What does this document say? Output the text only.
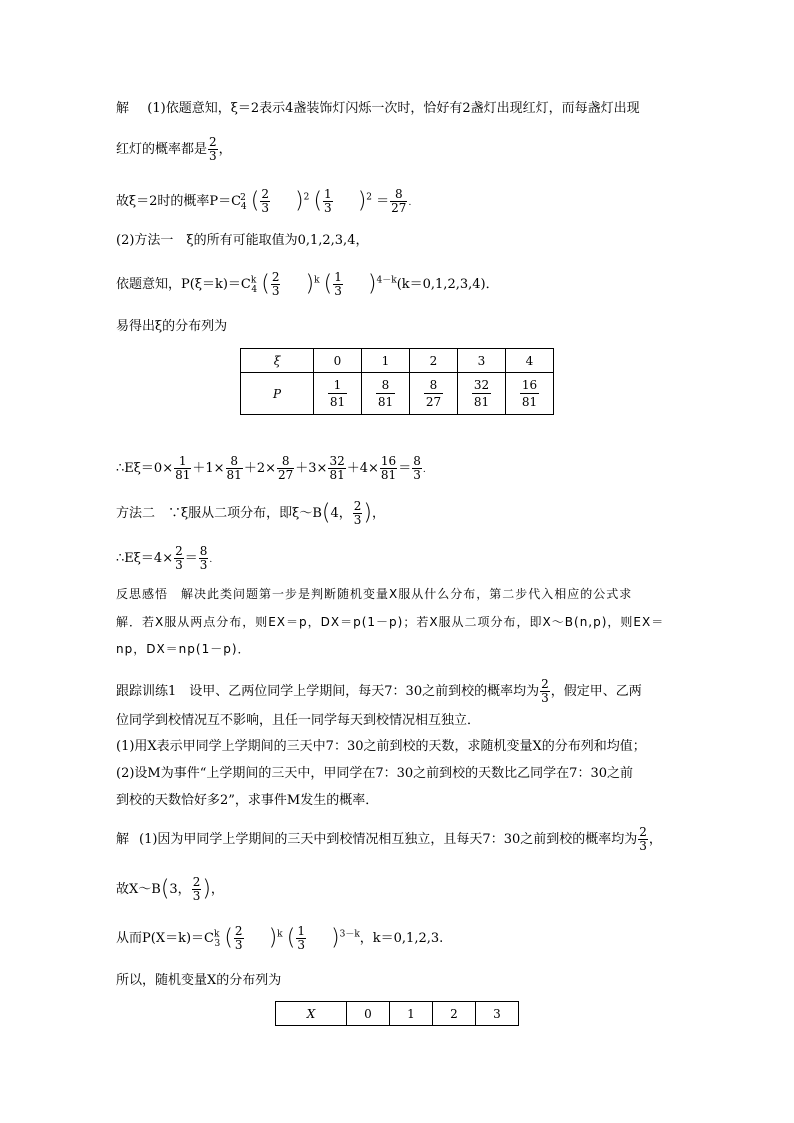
解 (1)依题意知，ξ＝2表示4盏装饰灯闪烁一次时，恰好有2盏灯出现红灯，而每盏灯出现
红灯的概率都是 $\frac{2}{3}$ ，
故ξ＝2时的概率$P=C^2_4$ ( $\frac{2}{3} )^2$ ( $\frac{1}{3} )^2 = \frac{8}{27}$ .
(2)方法一　ξ的所有可能取值为0,1,2,3,4，
依题意知，$P(\xi=k)=C^k_4$ ( $\frac{2}{3} )^k$ ( $\frac{1}{3} )^{4-k}(k=0,1,2,3,4)$．
易得出ξ的分布列为
ξ	0	1	2	3	4
P	$\frac{1}{81}$	$\frac{8}{81}$	$\frac{8}{27}$	$\frac{32}{81}$	$\frac{16}{81}$
∴Eξ＝0× $\frac{1}{81} +1\times \frac{8}{81} +2\times \frac{8}{27} +3\times \frac{32}{81} +4\times \frac{16}{81} = \frac{8}{3}$ .
方法二　∵ξ服从二项分布，即ξ～B(4， $\frac{2}{3}$ )，
∴Eξ＝4× $\frac{2}{3} = \frac{8}{3}$ .
反思感悟　解决此类问题第一步是判断随机变量X服从什么分布，第二步代入相应的公式求
解．若X服从两点分布，则EX＝p，DX＝p(1－p)；若X服从二项分布，即X～B(n,p)，则EX＝
np，DX＝np(1－p)．
跟踪训练1　设甲、乙两位同学上学期间，每天7：30之前到校的概率均为 $\frac{2}{3}$ ，假定甲、乙两
位同学到校情况互不影响，且任一同学每天到校情况相互独立．
(1)用X表示甲同学上学期间的三天中7：30之前到校的天数，求随机变量X的分布列和均值；
(2)设M为事件“上学期间的三天中，甲同学在7：30之前到校的天数比乙同学在7：30之前
到校的天数恰好多2”，求事件M发生的概率．
解 (1)因为甲同学上学期间的三天中到校情况相互独立，且每天7：30之前到校的概率均为 $\frac{2}{3}$ ，
故X～B(3， $\frac{2}{3}$ )，
从而$P(X=k)=C^k_3$ ( $\frac{2}{3} )^k$ ( $\frac{1}{3} )^{3-k}$，k＝0,1,2,3.
所以，随机变量X的分布列为
X	0	1	2	3
